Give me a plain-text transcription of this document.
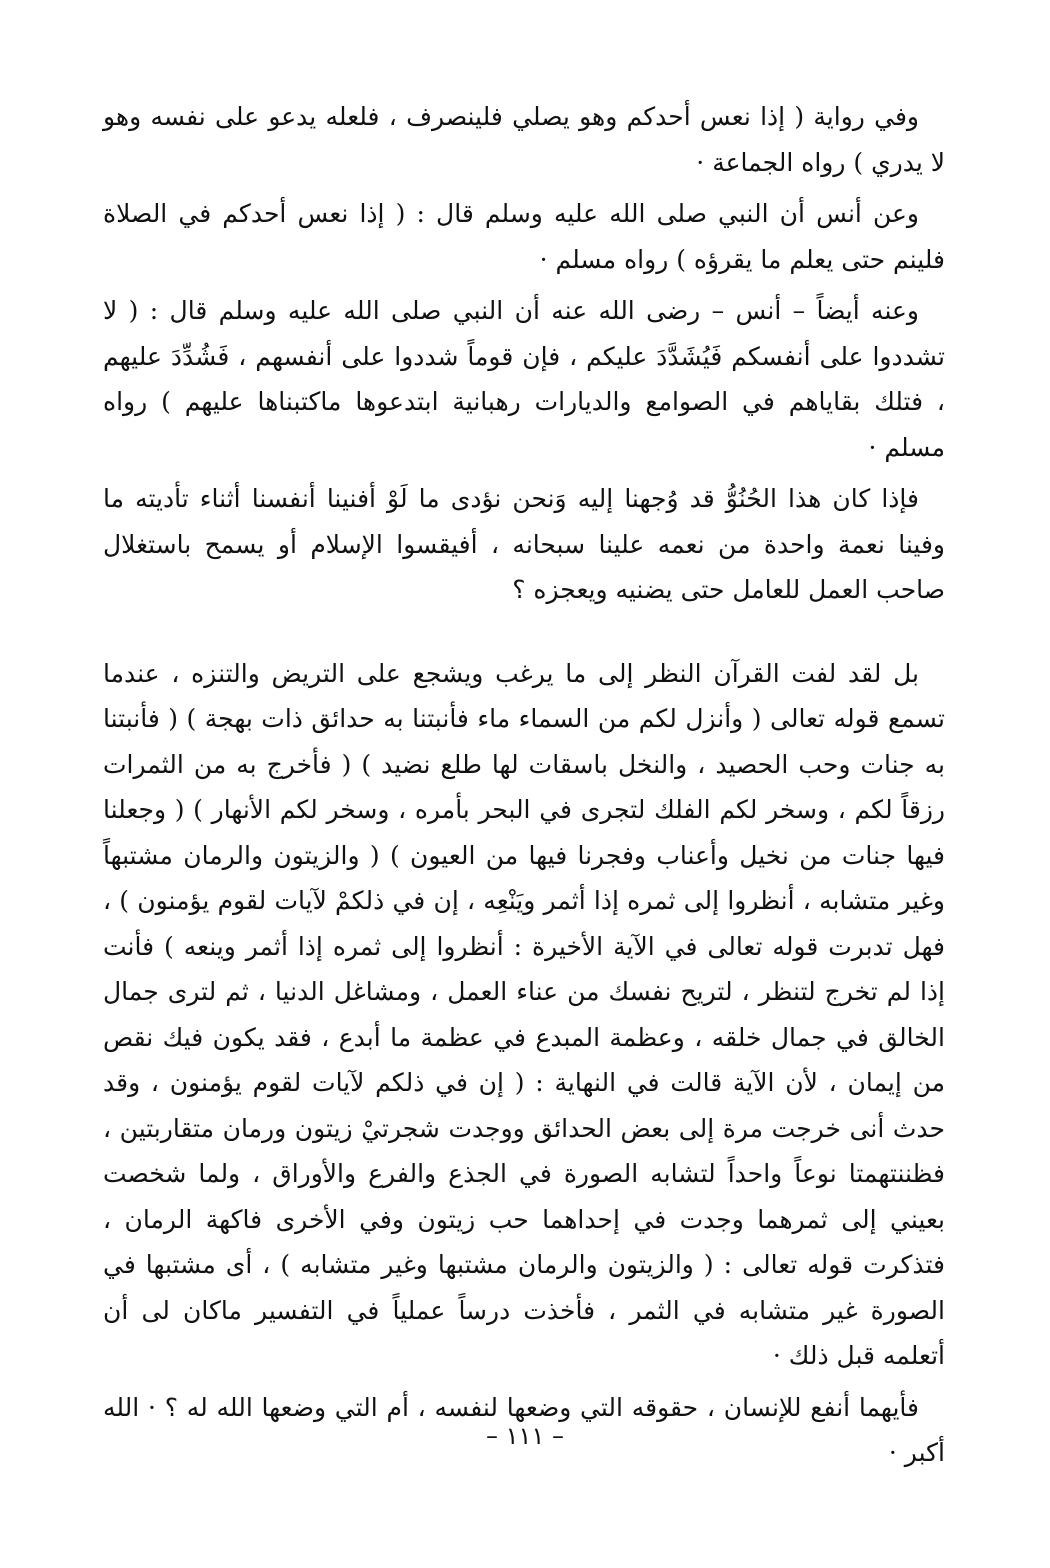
وفي رواية ( إذا نعس أحدكم وهو يصلي فلينصرف ، فلعله يدعو على نفسه وهو لا يدري ) رواه الجماعة ·

وعن أنس أن النبي صلى الله عليه وسلم قال : ( إذا نعس أحدكم في الصلاة فلينم حتى يعلم ما يقرؤه ) رواه مسلم ·

وعنه أيضاً – أنس – رضى الله عنه أن النبي صلى الله عليه وسلم قال : ( لا تشددوا على أنفسكم فَيُشَدَّدَ عليكم ، فإن قوماً شددوا على أنفسهم ، فَشُدِّدَ عليهم ، فتلك بقاياهم في الصوامع والديارات رهبانية ابتدعوها ماكتبناها عليهم ) رواه مسلم ·

فإذا كان هذا الحُنُوُّ قد وُجهنا إليه وَنحن نؤدى ما لَوْ أفنينا أنفسنا أثناء تأديته ما وفينا نعمة واحدة من نعمه علينا سبحانه ، أفيقسوا الإسلام أو يسمح باستغلال صاحب العمل للعامل حتى يضنيه ويعجزه ؟

بل لقد لفت القرآن النظر إلى ما يرغب ويشجع على التريض والتنزه ، عندما تسمع قوله تعالى ( وأنزل لكم من السماء ماء فأنبتنا به حدائق ذات بهجة ) ( فأنبتنا به جنات وحب الحصيد ، والنخل باسقات لها طلع نضيد ) ( فأخرج به من الثمرات رزقاً لكم ، وسخر لكم الفلك لتجرى في البحر بأمره ، وسخر لكم الأنهار ) ( وجعلنا فيها جنات من نخيل وأعناب وفجرنا فيها من العيون ) ( والزيتون والرمان مشتبهاً وغير متشابه ، أنظروا إلى ثمره إذا أثمر ويَنْعِه ، إن في ذلكمْ لآيات لقوم يؤمنون ) ، فهل تدبرت قوله تعالى في الآية الأخيرة : أنظروا إلى ثمره إذا أثمر وينعه ) فأنت إذا لم تخرج لتنظر ، لتريح نفسك من عناء العمل ، ومشاغل الدنيا ، ثم لترى جمال الخالق في جمال خلقه ، وعظمة المبدع في عظمة ما أبدع ، فقد يكون فيك نقص من إيمان ، لأن الآية قالت في النهاية : ( إن في ذلكم لآيات لقوم يؤمنون ، وقد حدث أنى خرجت مرة إلى بعض الحدائق ووجدت شجرتيْ زيتون ورمان متقاربتين ، فظننتهمتا نوعاً واحداً لتشابه الصورة في الجذع والفرع والأوراق ، ولما شخصت بعيني إلى ثمرهما وجدت في إحداهما حب زيتون وفي الأخرى فاكهة الرمان ، فتذكرت قوله تعالى : ( والزيتون والرمان مشتبها وغير متشابه ) ، أى مشتبها في الصورة غير متشابه في الثمر ، فأخذت درساً عملياً في التفسير ماكان لى أن أتعلمه قبل ذلك ·

فأيهما أنفع للإنسان ، حقوقه التي وضعها لنفسه ، أم التي وضعها الله له ؟ · الله أكبر ·

– ١١١ –
